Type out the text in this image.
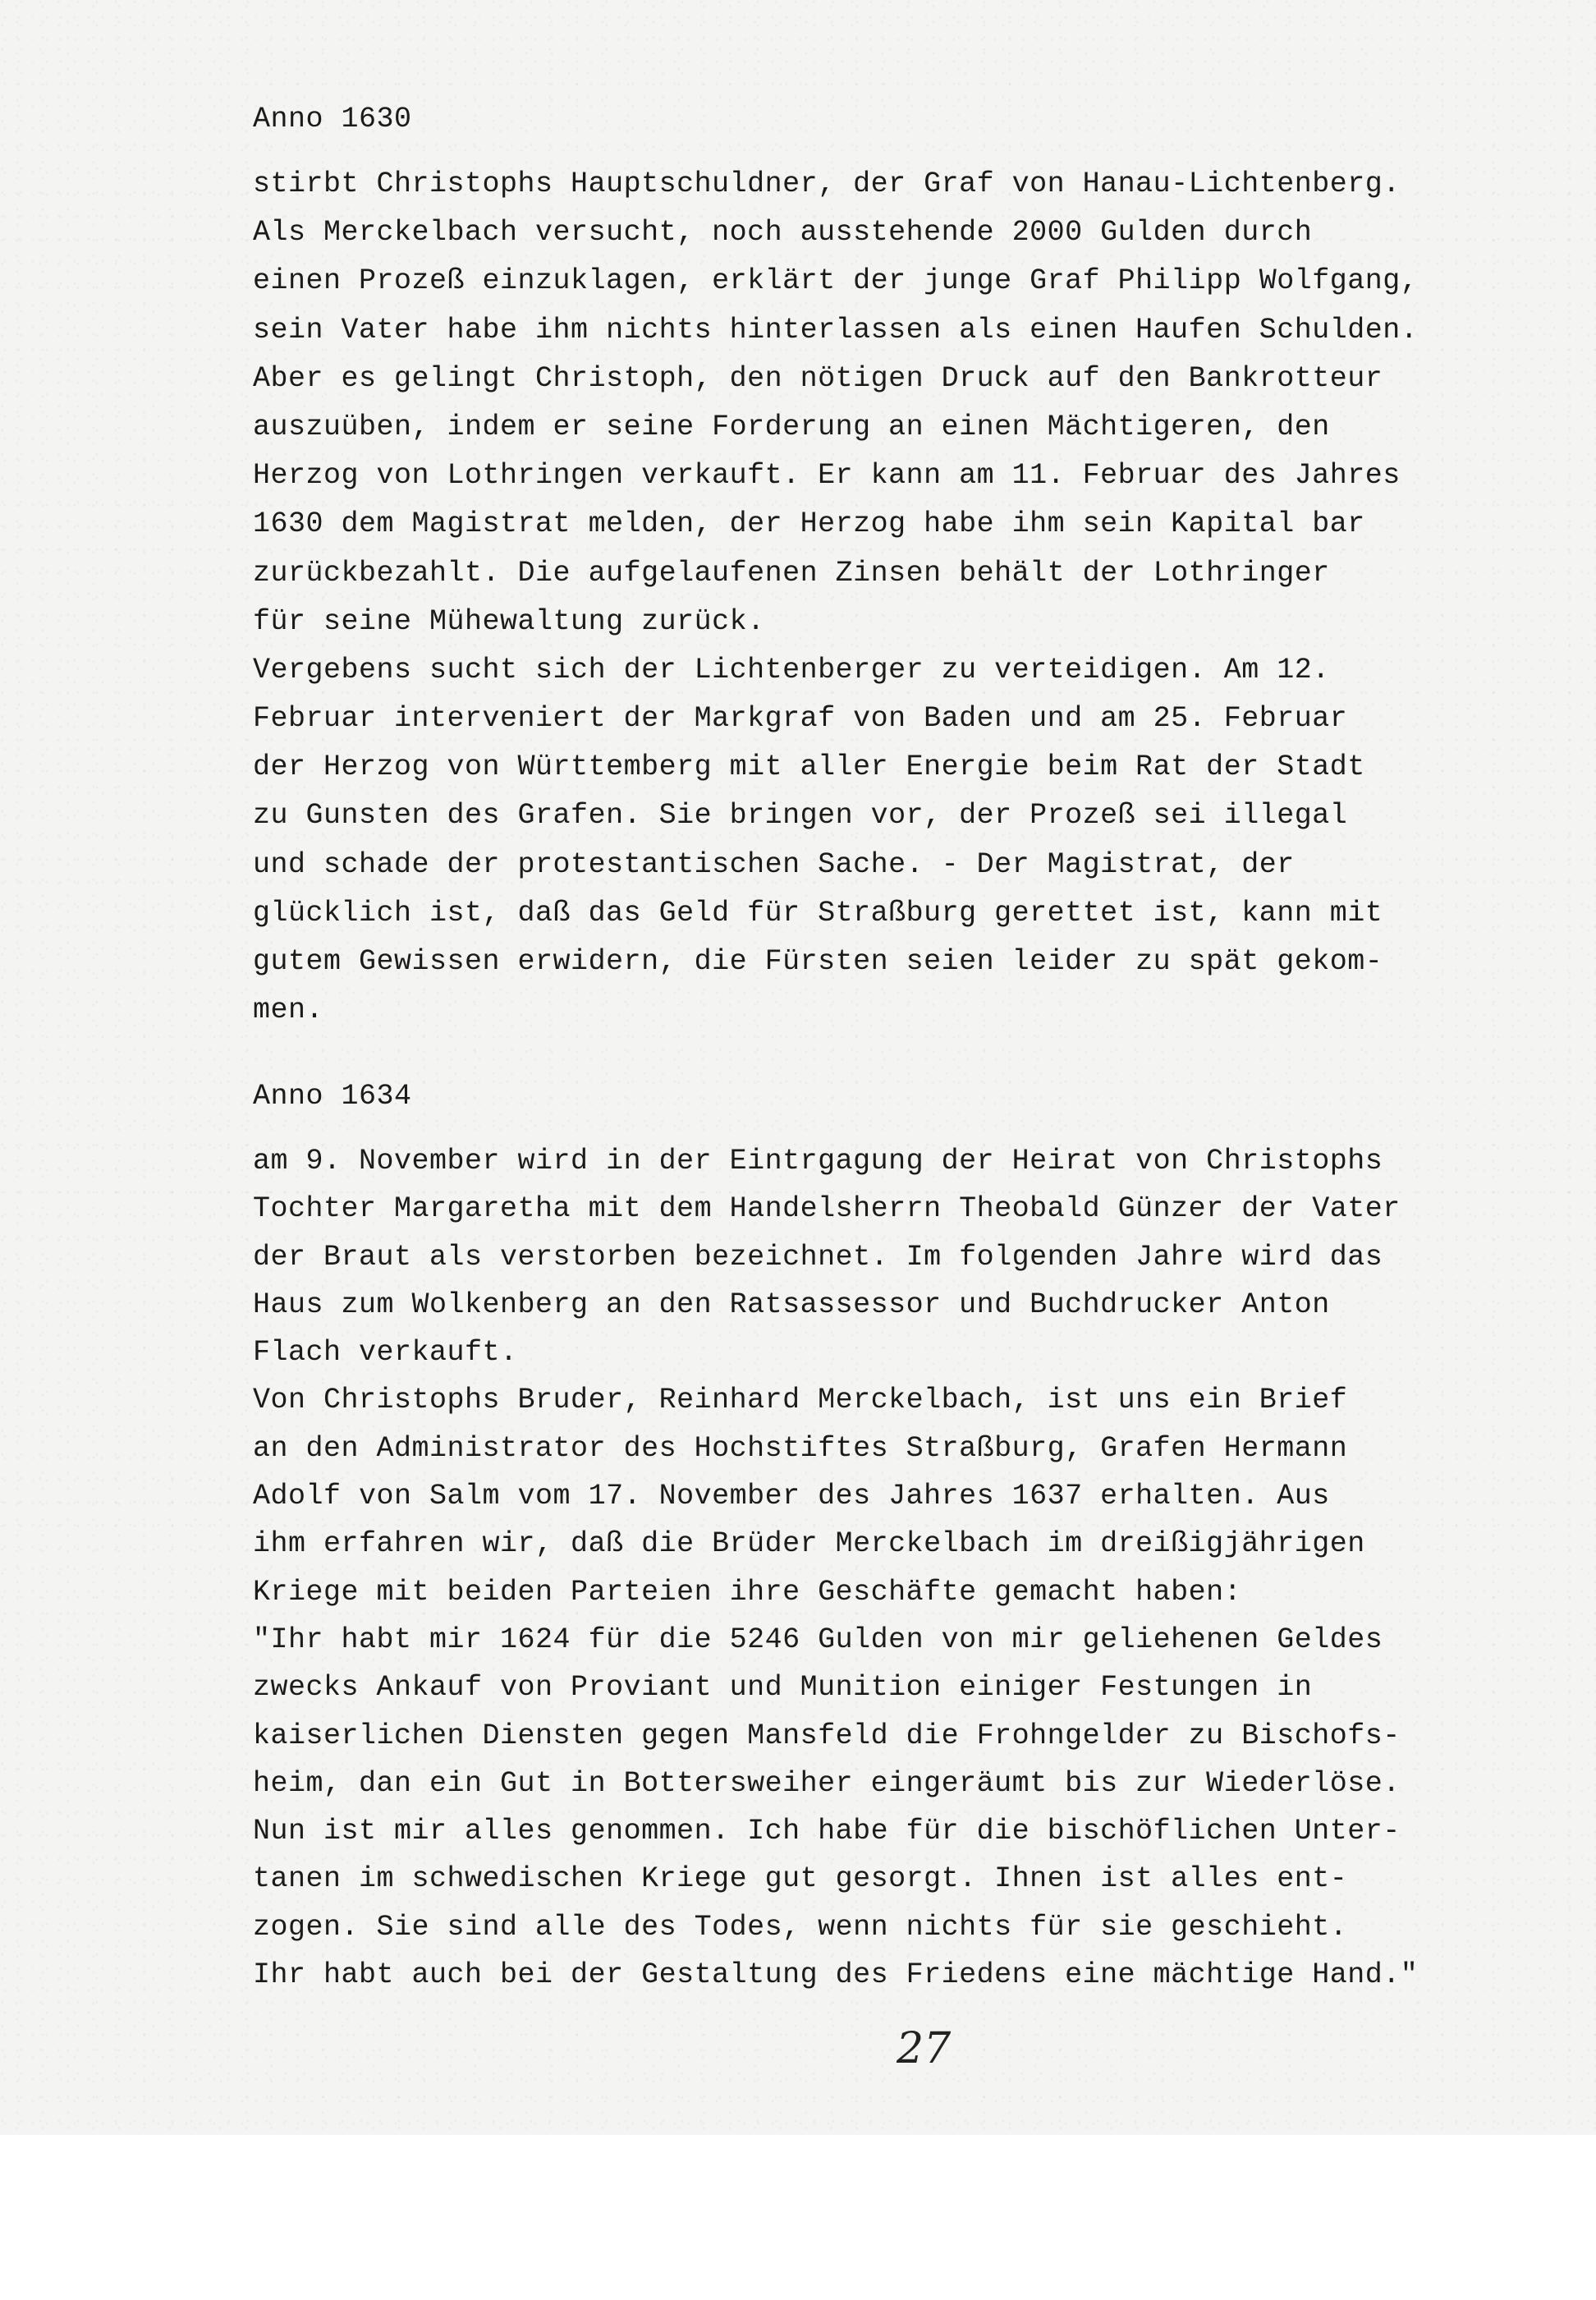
Anno 1630
stirbt Christophs Hauptschuldner, der Graf von Hanau-Lichtenberg.
Als Merckelbach versucht, noch ausstehende 2000 Gulden durch
einen Prozeß einzuklagen, erklärt der junge Graf Philipp Wolfgang,
sein Vater habe ihm nichts hinterlassen als einen Haufen Schulden.
Aber es gelingt Christoph, den nötigen Druck auf den Bankrotteur
auszuüben, indem er seine Forderung an einen Mächtigeren, den
Herzog von Lothringen verkauft. Er kann am 11. Februar des Jahres
1630 dem Magistrat melden, der Herzog habe ihm sein Kapital bar
zurückbezahlt. Die aufgelaufenen Zinsen behält der Lothringer
für seine Mühewaltung zurück.
Vergebens sucht sich der Lichtenberger zu verteidigen. Am 12.
Februar interveniert der Markgraf von Baden und am 25. Februar
der Herzog von Württemberg mit aller Energie beim Rat der Stadt
zu Gunsten des Grafen. Sie bringen vor, der Prozeß sei illegal
und schade der protestantischen Sache. - Der Magistrat, der
glücklich ist, daß das Geld für Straßburg gerettet ist, kann mit
gutem Gewissen erwidern, die Fürsten seien leider zu spät gekom-
men.
Anno 1634
am 9. November wird in der Eintrgagung der Heirat von Christophs
Tochter Margaretha mit dem Handelsherrn Theobald Günzer der Vater
der Braut als verstorben bezeichnet. Im folgenden Jahre wird das
Haus zum Wolkenberg an den Ratsassessor und Buchdrucker Anton
Flach verkauft.
Von Christophs Bruder, Reinhard Merckelbach, ist uns ein Brief
an den Administrator des Hochstiftes Straßburg, Grafen Hermann
Adolf von Salm vom 17. November des Jahres 1637 erhalten. Aus
ihm erfahren wir, daß die Brüder Merckelbach im dreißigjährigen
Kriege mit beiden Parteien ihre Geschäfte gemacht haben:
"Ihr habt mir 1624 für die 5246 Gulden von mir geliehenen Geldes
zwecks Ankauf von Proviant und Munition einiger Festungen in
kaiserlichen Diensten gegen Mansfeld die Frohngelder zu Bischofs-
heim, dan ein Gut in Bottersweiher eingeräumt bis zur Wiederlöse.
Nun ist mir alles genommen. Ich habe für die bischöflichen Unter-
tanen im schwedischen Kriege gut gesorgt. Ihnen ist alles ent-
zogen. Sie sind alle des Todes, wenn nichts für sie geschieht.
Ihr habt auch bei der Gestaltung des Friedens eine mächtige Hand."
27
